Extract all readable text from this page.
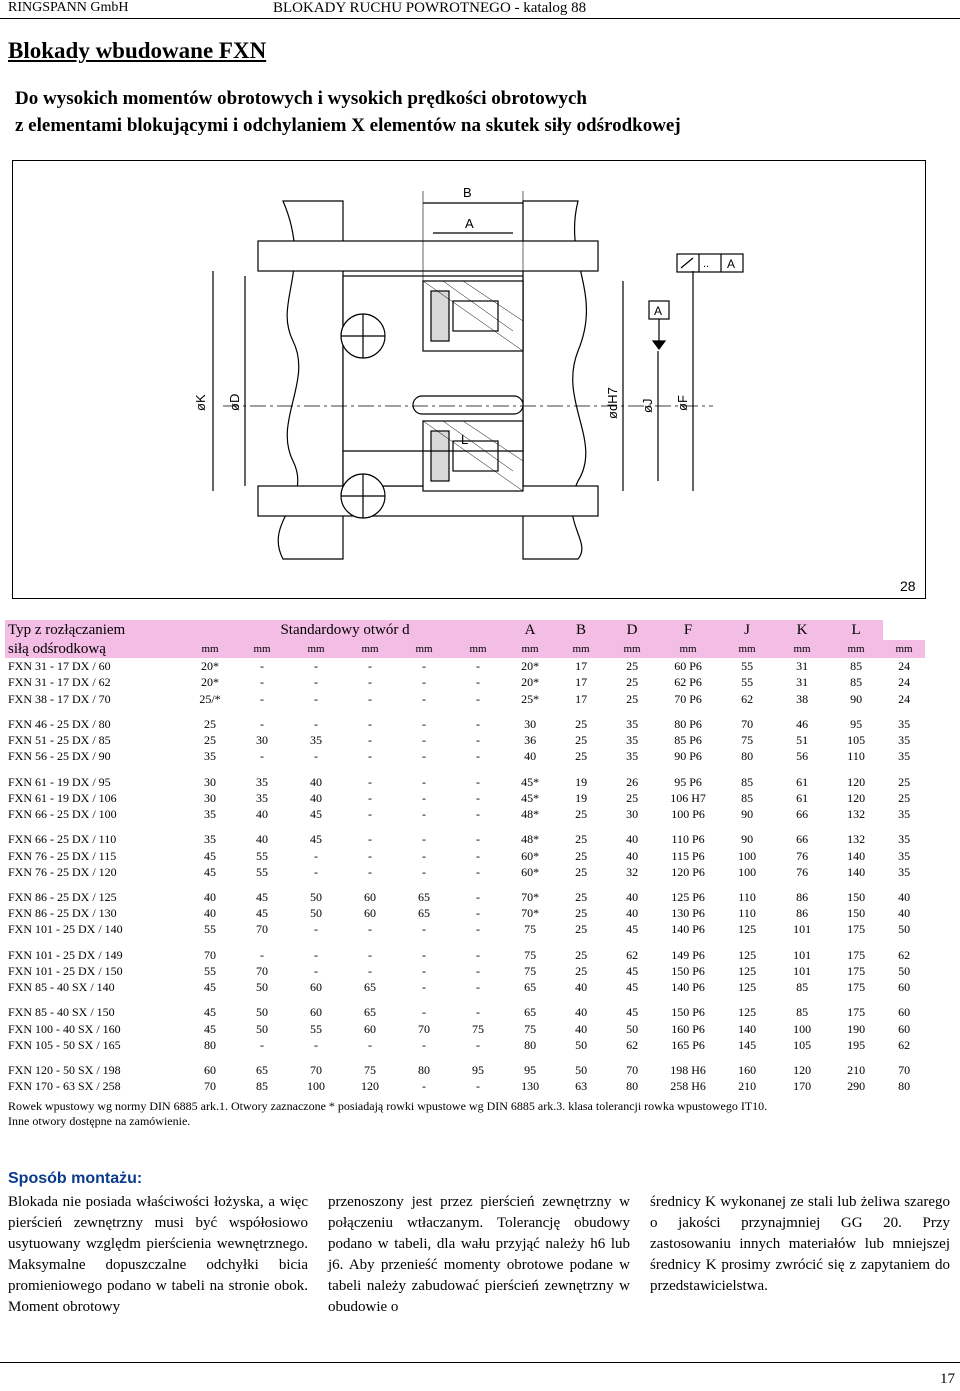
RINGSPANN GmbH	BLOKADY RUCHU POWROTNEGO - katalog 88
Blokady wbudowane FXN
Do wysokich momentów obrotowych i wysokich prędkości obrotowych
z elementami blokującymi i odchylaniem X elementów na skutek siły odśrodkowej
B
A
.. A
A
øK øD	ødH7 øJ øF
L
28
Typ z rozłączaniem	Standardowy otwór d						A	B	D	F	J	K	L	
siłą odśrodkową	mm	mm	mm	mm	mm	mm	mm	mm	mm	mm	mm	mm	mm	mm
FXN 31 - 17 DX / 60	20*	-	-	-	-	-	20*	17	25	60 P6	55	31	85	24
FXN 31 - 17 DX / 62	20*	-	-	-	-	-	20*	17	25	62 P6	55	31	85	24
FXN 38 - 17 DX / 70	25/*	-	-	-	-	-	25*	17	25	70 P6	62	38	90	24

FXN 46 - 25 DX / 80	25	-	-	-	-	-	30	25	35	80 P6	70	46	95	35
FXN 51 - 25 DX / 85	25	30	35	-	-	-	36	25	35	85 P6	75	51	105	35
FXN 56 - 25 DX / 90	35	-	-	-	-	-	40	25	35	90 P6	80	56	110	35

FXN 61 - 19 DX / 95	30	35	40	-	-	-	45*	19	26	95 P6	85	61	120	25
FXN 61 - 19 DX / 106	30	35	40	-	-	-	45*	19	25	106 H7	85	61	120	25
FXN 66 - 25 DX / 100	35	40	45	-	-	-	48*	25	30	100 P6	90	66	132	35

FXN 66 - 25 DX / 110	35	40	45	-	-	-	48*	25	40	110 P6	90	66	132	35
FXN 76 - 25 DX / 115	45	55	-	-	-	-	60*	25	40	115 P6	100	76	140	35
FXN 76 - 25 DX / 120	45	55	-	-	-	-	60*	25	32	120 P6	100	76	140	35

FXN 86 - 25 DX / 125	40	45	50	60	65	-	70*	25	40	125 P6	110	86	150	40
FXN 86 - 25 DX / 130	40	45	50	60	65	-	70*	25	40	130 P6	110	86	150	40
FXN 101 - 25 DX / 140	55	70	-	-	-	-	75	25	45	140 P6	125	101	175	50

FXN 101 - 25 DX / 149	70	-	-	-	-	-	75	25	62	149 P6	125	101	175	62
FXN 101 - 25 DX / 150	55	70	-	-	-	-	75	25	45	150 P6	125	101	175	50
FXN 85 - 40 SX / 140	45	50	60	65	-	-	65	40	45	140 P6	125	85	175	60

FXN 85 - 40 SX / 150	45	50	60	65	-	-	65	40	45	150 P6	125	85	175	60
FXN 100 - 40 SX / 160	45	50	55	60	70	75	75	40	50	160 P6	140	100	190	60
FXN 105 - 50 SX / 165	80	-	-	-	-	-	80	50	62	165 P6	145	105	195	62

FXN 120 - 50 SX / 198	60	65	70	75	80	95	95	50	70	198 H6	160	120	210	70
FXN 170 - 63 SX / 258	70	85	100	120	-	-	130	63	80	258 H6	210	170	290	80
Rowek wpustowy wg normy DIN 6885 ark.1. Otwory zaznaczone * posiadają rowki wpustowe wg DIN 6885 ark.3. klasa tolerancji rowka wpustowego IT10.
Inne otwory dostępne na zamówienie.
Sposób montażu:
Blokada nie posiada właściwości łożyska, a więc pierścień zewnętrzny musi być współosiowo usytuowany względm pierścienia wewnętrznego. Maksymalne dopuszczalne odchyłki bicia promieniowego podano w tabeli na stronie obok. Moment obrotowy
przenoszony jest przez pierścień zewnętrzny w połączeniu wtłaczanym. Tolerancję obudowy podano w tabeli, dla wału przyjąć należy h6 lub j6. Aby przenieść momenty obrotowe podane w tabeli należy zabudować pierścień zewnętrzny w obudowie o
średnicy K wykonanej ze stali lub żeliwa szarego o jakości przynajmniej GG 20. Przy zastosowaniu innych materiałów lub mniejszej średnicy K prosimy zwrócić się z zapytaniem do przedstawicielstwa.
17
